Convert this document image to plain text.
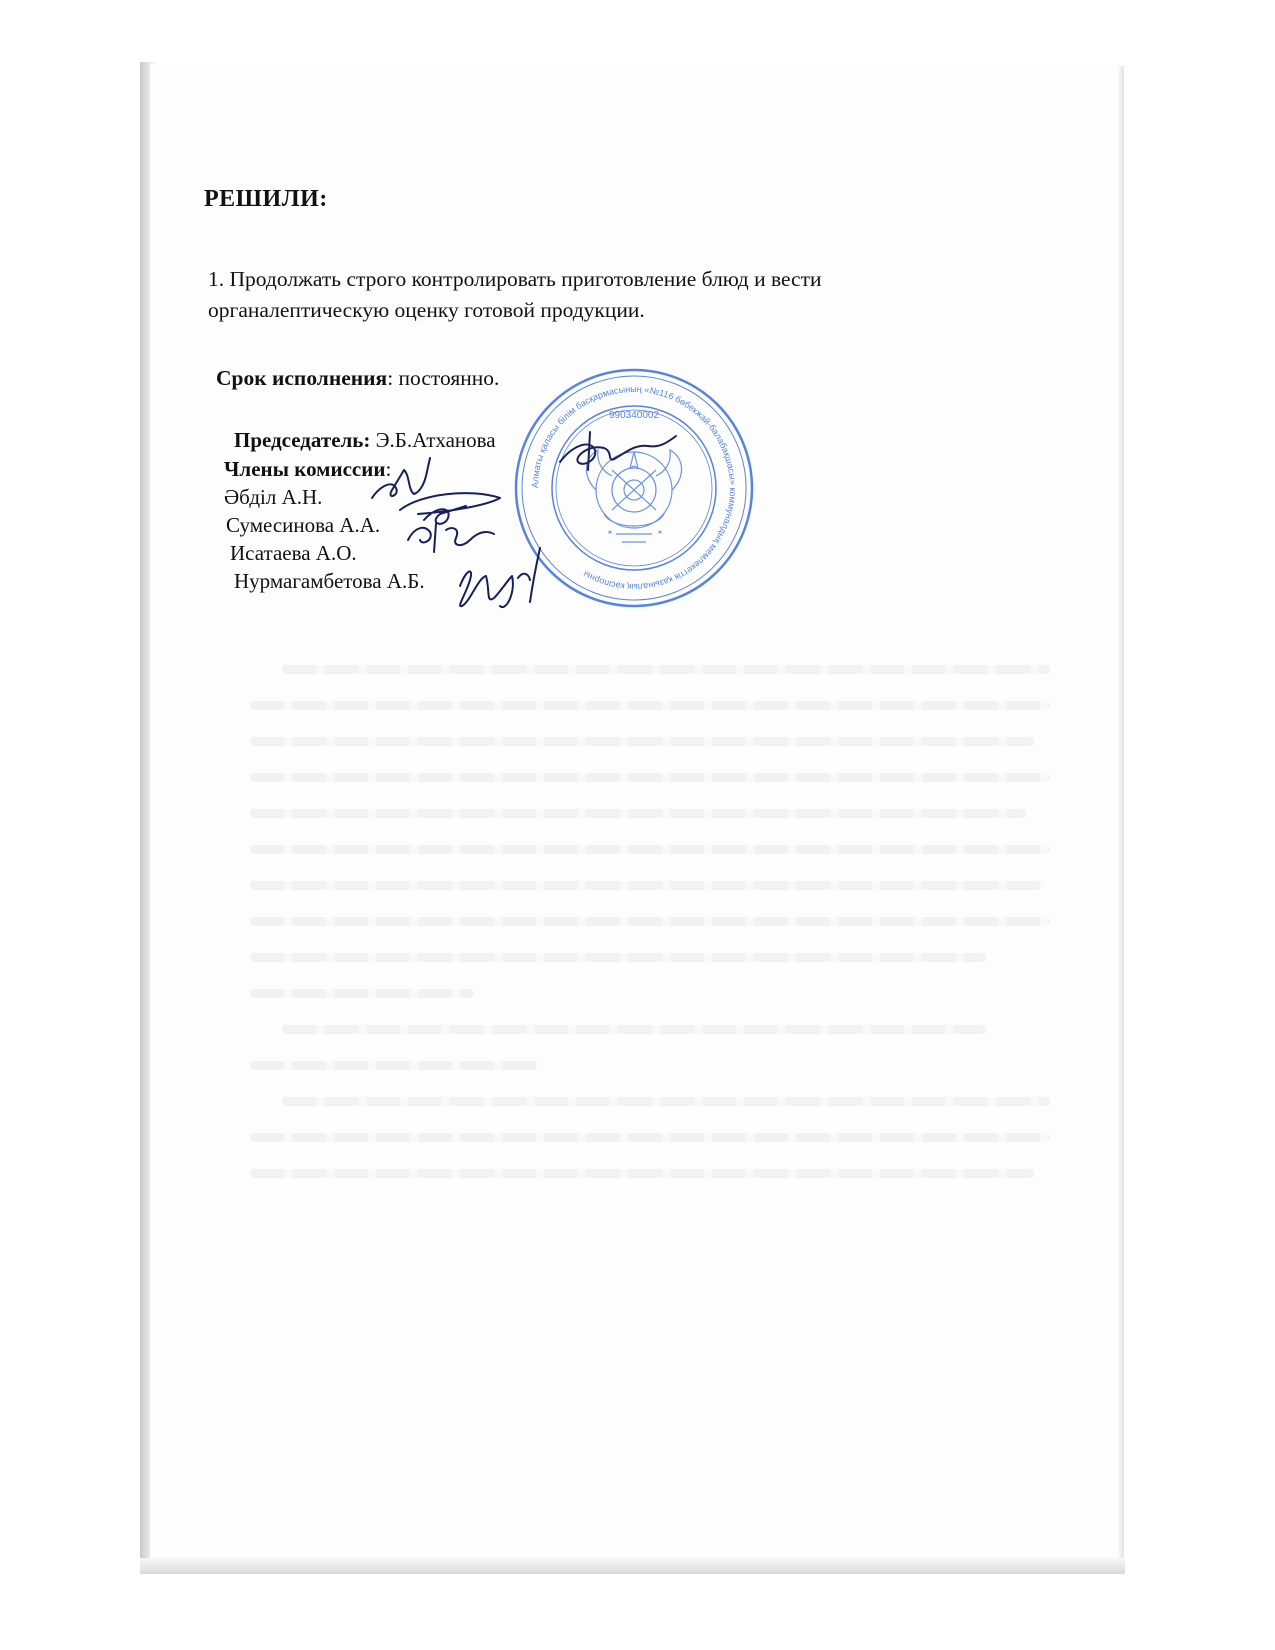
РЕШИЛИ:

1. Продолжать строго контролировать приготовление блюд и вести органалептическую оценку готовой продукции.

Срок исполнения: постоянно.
Председатель: Э.Б.Атханова
Члены комиссии:
Әбділ А.Н.
Сумесинова А.А.
Исатаева А.О.
Нурмагамбетова А.Б.
Алматы қаласы білім басқармасының «№116 бөбекжай-балабақшасы» коммуналдық мемлекеттік қазыналық кәсіпорны
990340002
